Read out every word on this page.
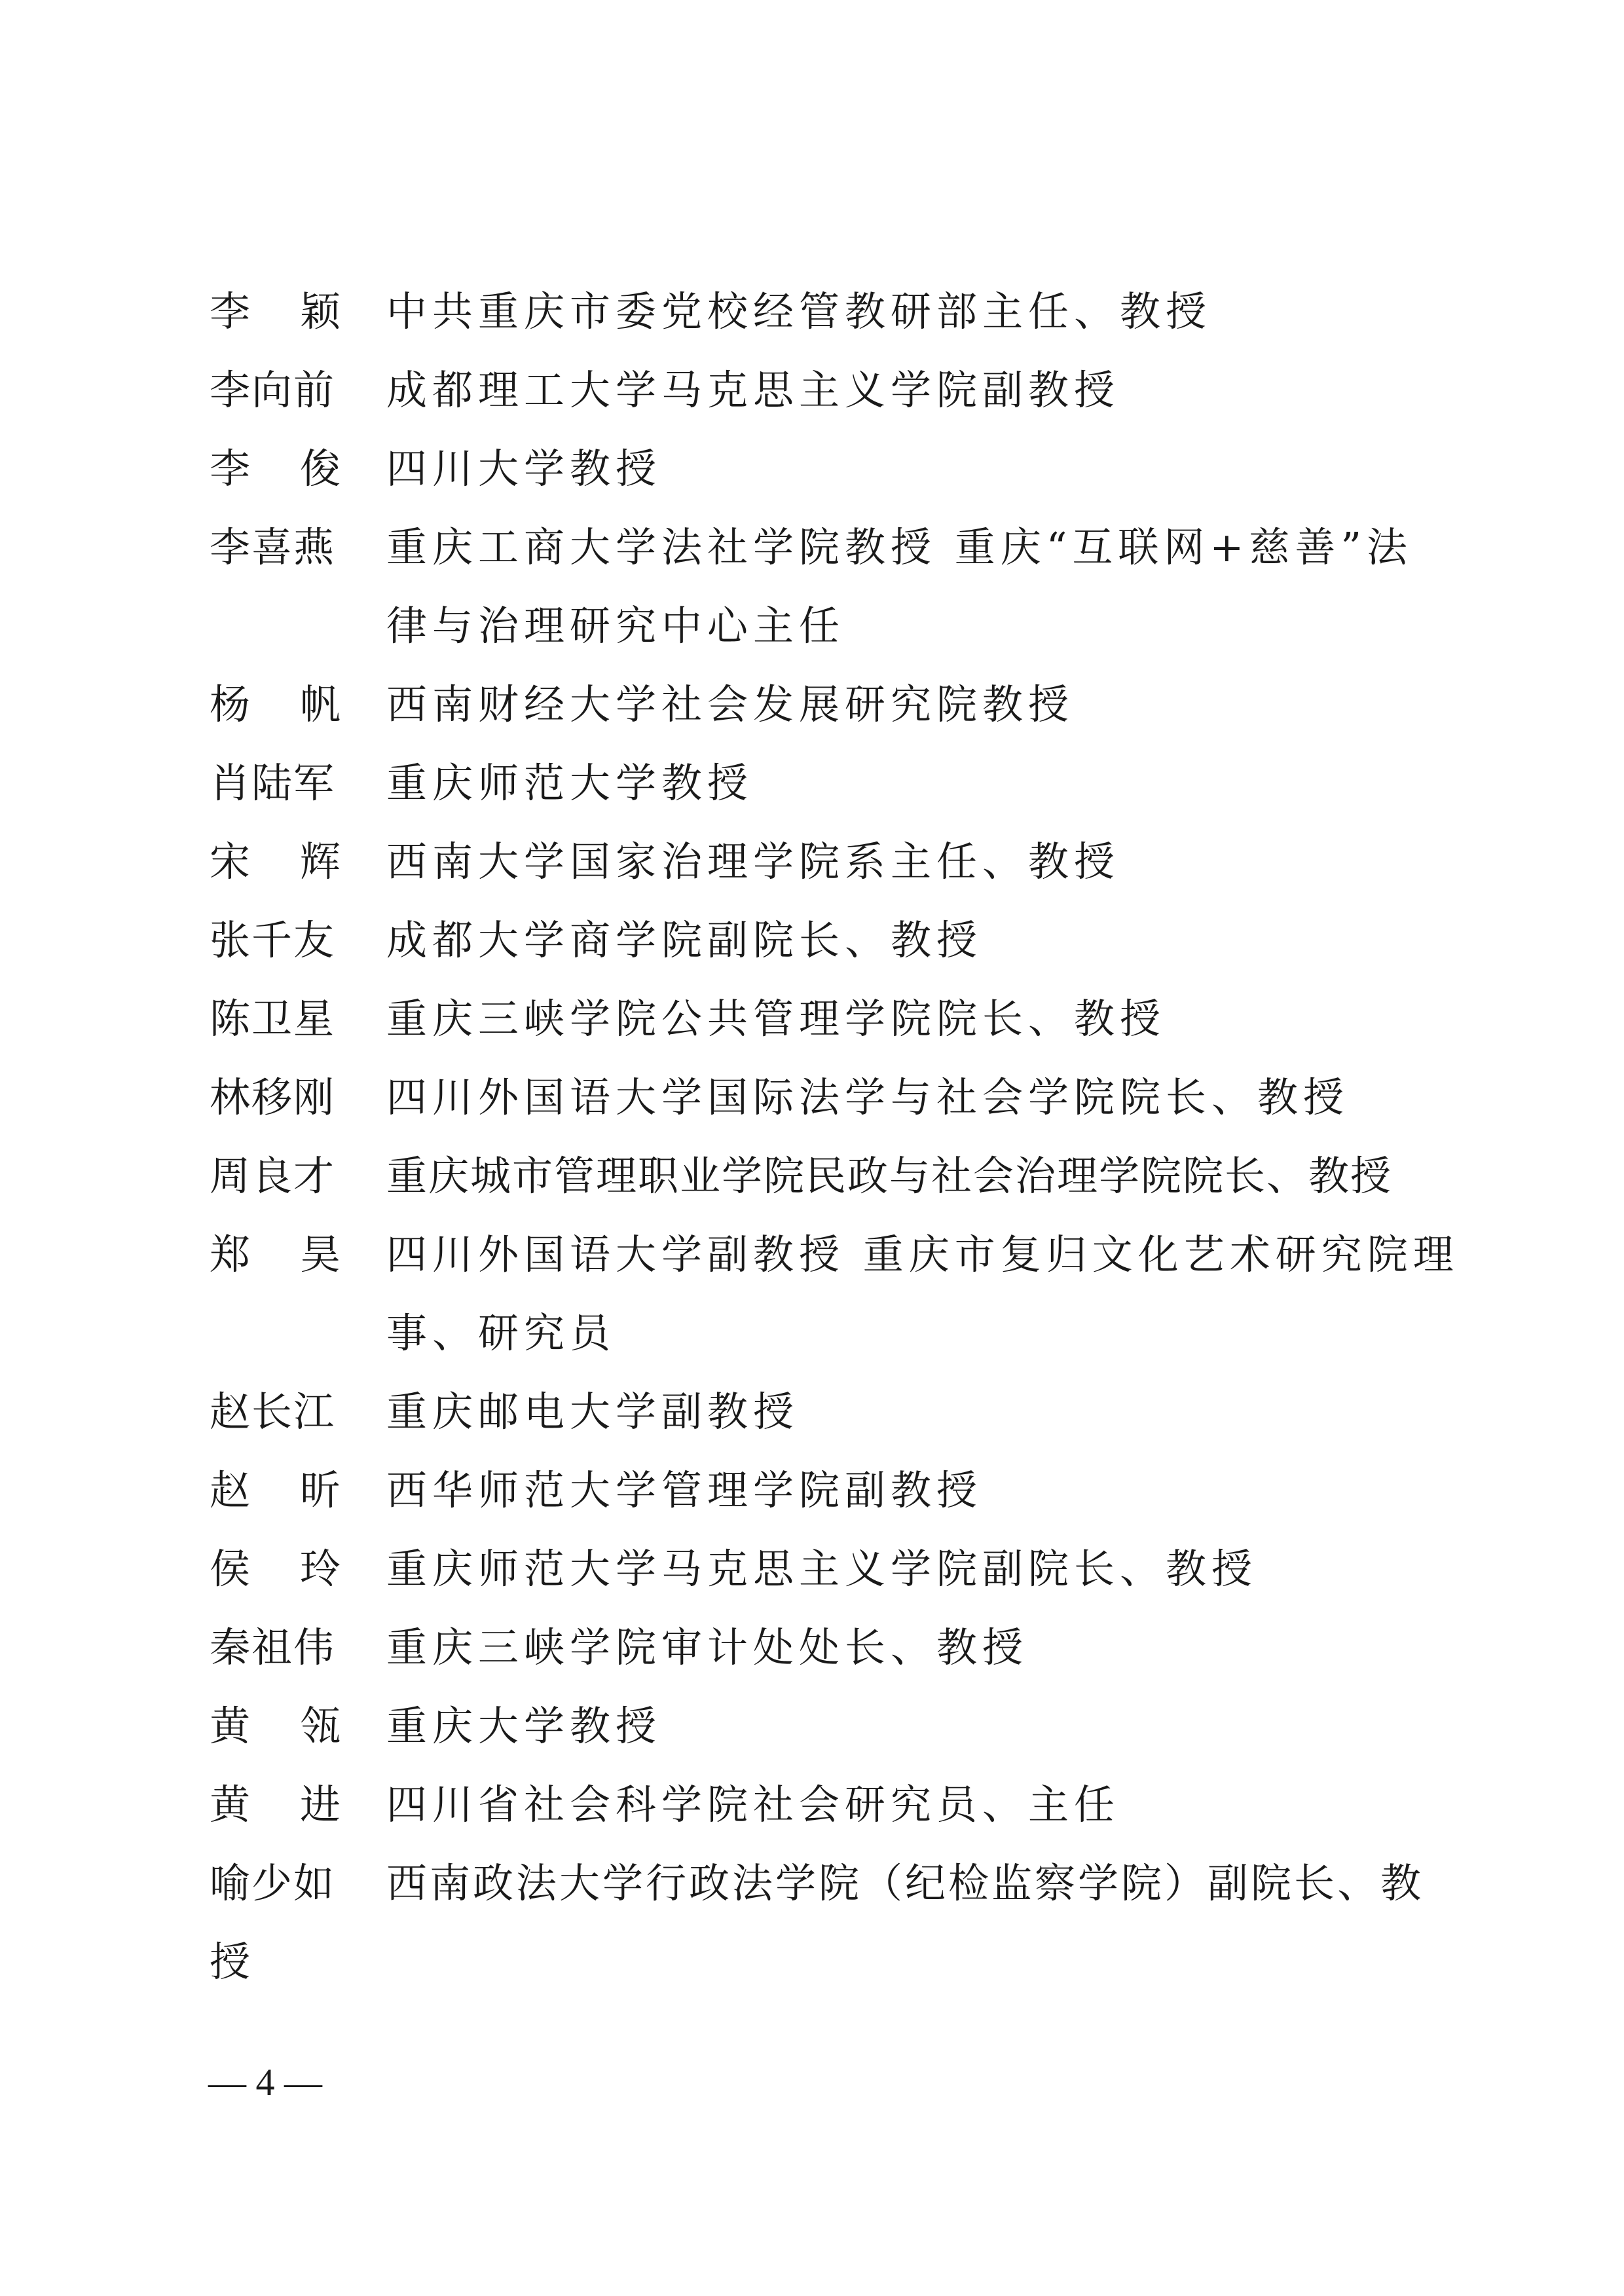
李 颖 中共重庆市委党校经管教研部主任、教授
李向前 成都理工大学马克思主义学院副教授
李 俊 四川大学教授
李喜燕 重庆工商大学法社学院教授 重庆“互联网+慈善”法
律与治理研究中心主任
杨 帆 西南财经大学社会发展研究院教授
肖陆军 重庆师范大学教授
宋 辉 西南大学国家治理学院系主任、教授
张千友 成都大学商学院副院长、教授
陈卫星 重庆三峡学院公共管理学院院长、教授
林移刚 四川外国语大学国际法学与社会学院院长、教授
周良才 重庆城市管理职业学院民政与社会治理学院院长、教授
郑 昊 四川外国语大学副教授 重庆市复归文化艺术研究院理
事、研究员
赵长江 重庆邮电大学副教授
赵 昕 西华师范大学管理学院副教授
侯 玲 重庆师范大学马克思主义学院副院长、教授
秦祖伟 重庆三峡学院审计处处长、教授
黄 瓴 重庆大学教授
黄 进 四川省社会科学院社会研究员、主任
喻少如 西南政法大学行政法学院（纪检监察学院）副院长、教
授
— 4 —
